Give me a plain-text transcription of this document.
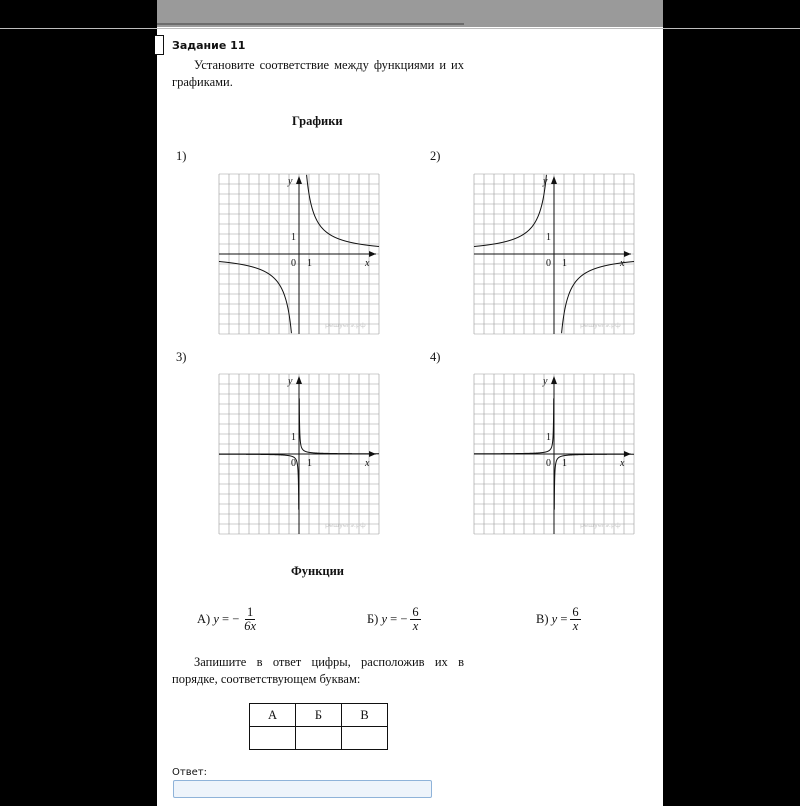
Задание 11
Установите соответствие между функциями и их графиками.
Графики
1)	2)
3)	4)
x
y
0 1
1
решуегэ.рф
x
y
0 1
1
решуегэ.рф
x
y
0 1
1
решуегэ.рф
x
y
0 1
1
решуегэ.рф
Функции
А)
y
=
− $\frac{1}{6x}$	Б)
y
=
− $\frac{6}{x}$	В)
y
= $\frac{6}{x}$
Запишите в ответ цифры, расположив их в порядке, соответствующем буквам:
А	Б	В

Ответ:
